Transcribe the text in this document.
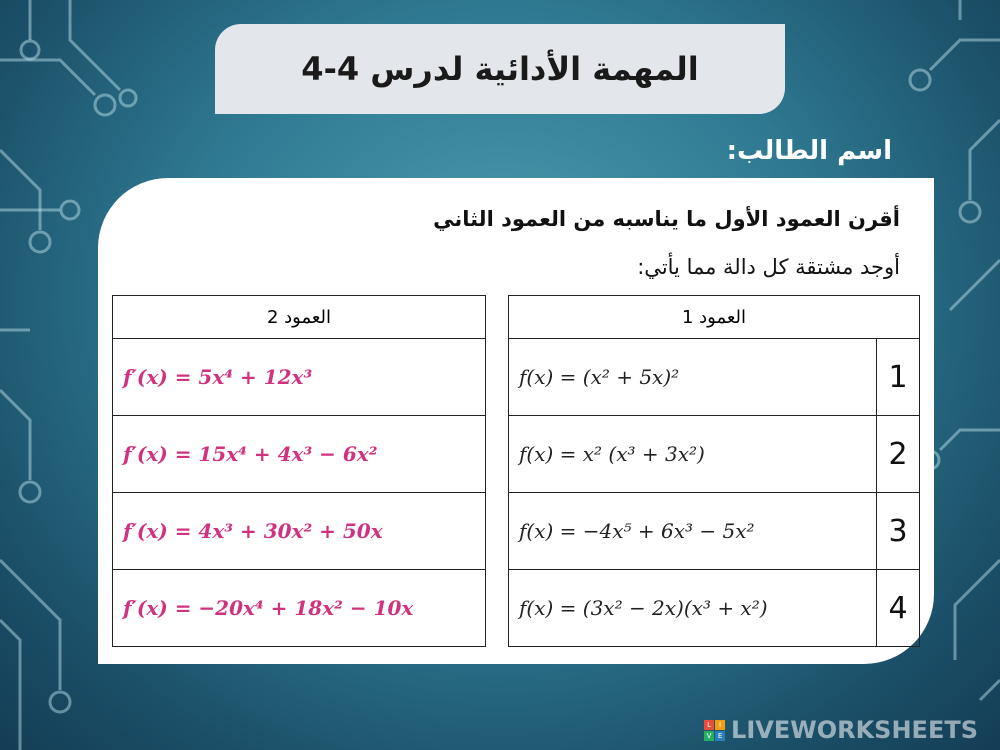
المهمة الأدائية لدرس 4-4
اسم الطالب:
أقرن العمود الأول ما يناسبه من العمود الثاني
أوجد مشتقة كل دالة مما يأتي:
العمود 2
f′(x) = 5x⁴ + 12x³
f′(x) = 15x⁴ + 4x³ − 6x²
f′(x) = 4x³ + 30x² + 50x
f′(x) = −20x⁴ + 18x² − 10x
العمود 1	
f(x) = (x² + 5x)²	1
f(x) = x² (x³ + 3x²)	2
f(x) = −4x⁵ + 6x³ − 5x²	3
f(x) = (3x² − 2x)(x³ + x²)	4
L	I
V E LIVEWORKSHEETS
